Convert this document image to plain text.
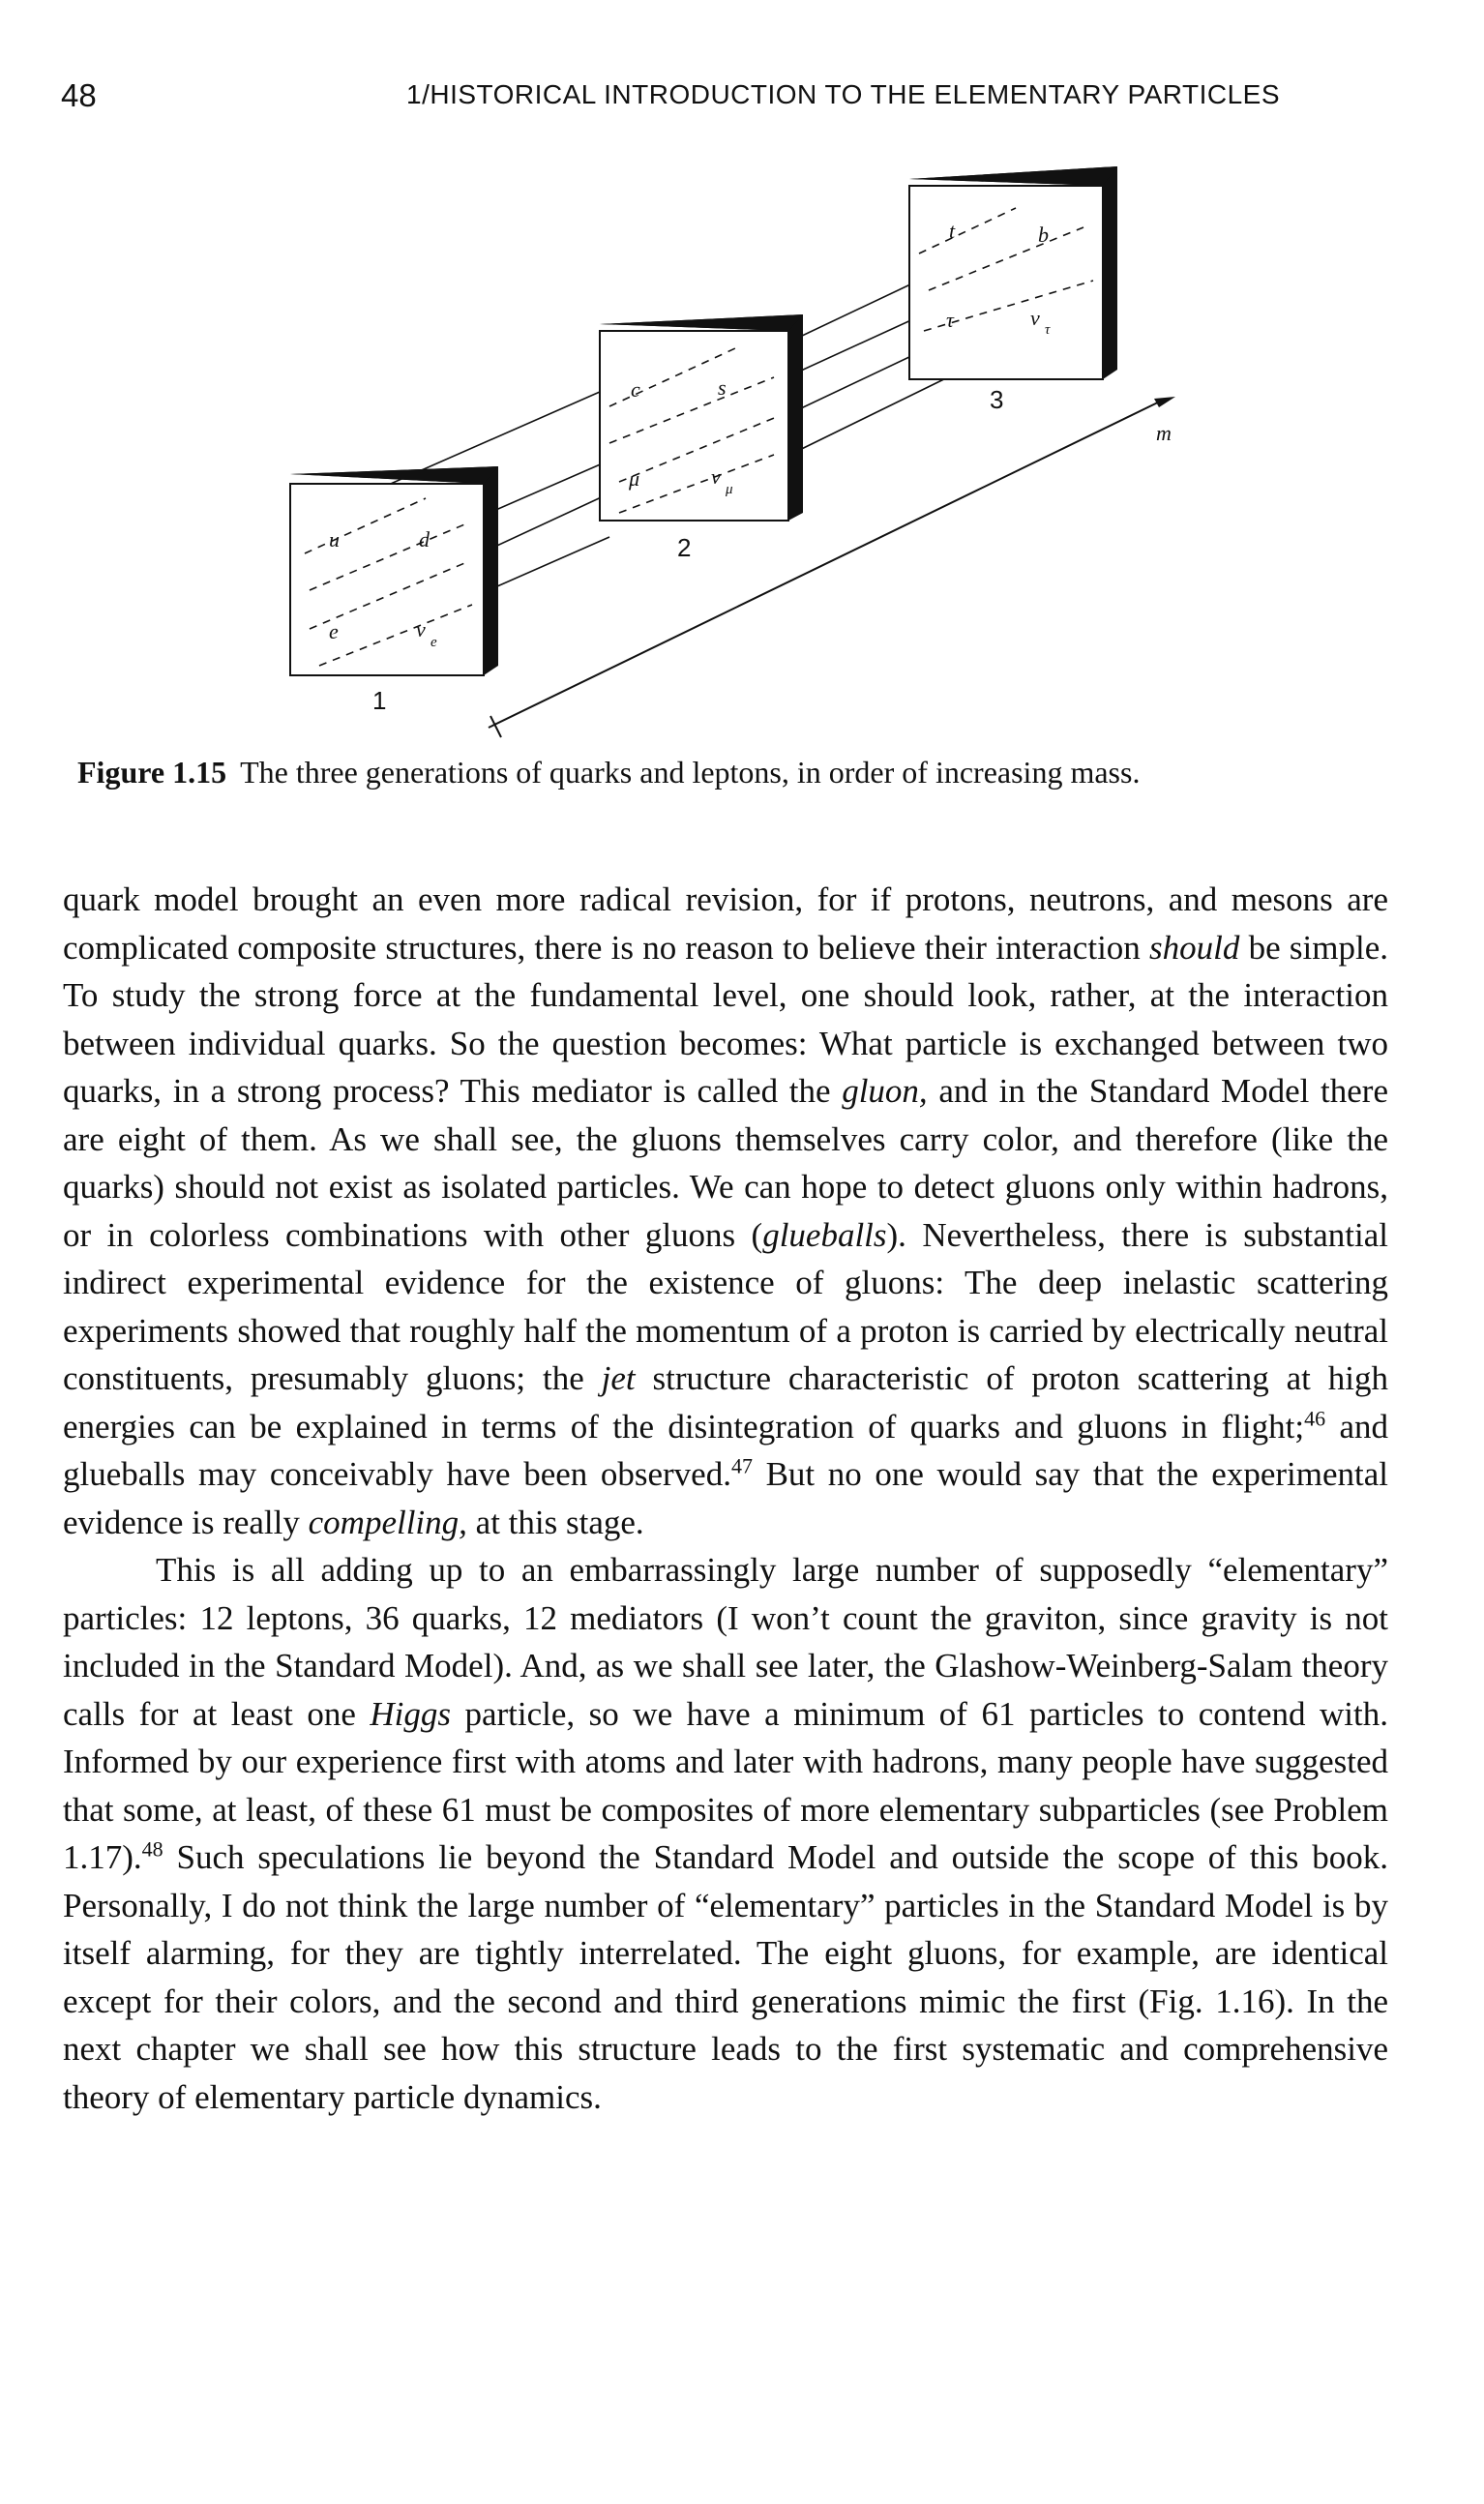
48	1/HISTORICAL INTRODUCTION TO THE ELEMENTARY PARTICLES
m
t	b
τ	ν τ
3
c	s
μ	ν
μ
2
u	d
e	ν
e
1
Figure 1.15 The three generations of quarks and leptons, in order of increasing mass.

quark model brought an even more radical revision, for if protons, neutrons, and mesons are complicated composite structures, there is no reason to believe their interaction should be simple. To study the strong force at the fundamental level, one should look, rather, at the interaction between individual quarks. So the question becomes: What particle is exchanged between two quarks, in a strong process? This mediator is called the gluon, and in the Standard Model there are eight of them. As we shall see, the gluons themselves carry color, and therefore (like the quarks) should not exist as isolated particles. We can hope to detect gluons only within hadrons, or in colorless combinations with other gluons (glueballs). Nevertheless, there is substantial indirect experimental evidence for the existence of gluons: The deep inelastic scattering experiments showed that roughly half the momentum of a proton is carried by electrically neutral constituents, presumably gluons; the jet structure characteristic of proton scattering at high energies can be explained in terms of the disintegration of quarks and gluons in flight;$^{46}$ and glueballs may conceivably have been observed.$^{47}$ But no one would say that the experimental evidence is really compelling, at this stage.

This is all adding up to an embarrassingly large number of supposedly “elementary” particles: 12 leptons, 36 quarks, 12 mediators (I won’t count the graviton, since gravity is not included in the Standard Model). And, as we shall see later, the Glashow-Weinberg-Salam theory calls for at least one Higgs particle, so we have a minimum of 61 particles to contend with. Informed by our experience first with atoms and later with hadrons, many people have suggested that some, at least, of these 61 must be composites of more elementary subparticles (see Problem 1.17).$^{48}$ Such speculations lie beyond the Standard Model and outside the scope of this book. Personally, I do not think the large number of “elementary” particles in the Standard Model is by itself alarming, for they are tightly interrelated. The eight gluons, for example, are identical except for their colors, and the second and third generations mimic the first (Fig. 1.16). In the next chapter we shall see how this structure leads to the first systematic and comprehensive theory of elementary particle dynamics.
